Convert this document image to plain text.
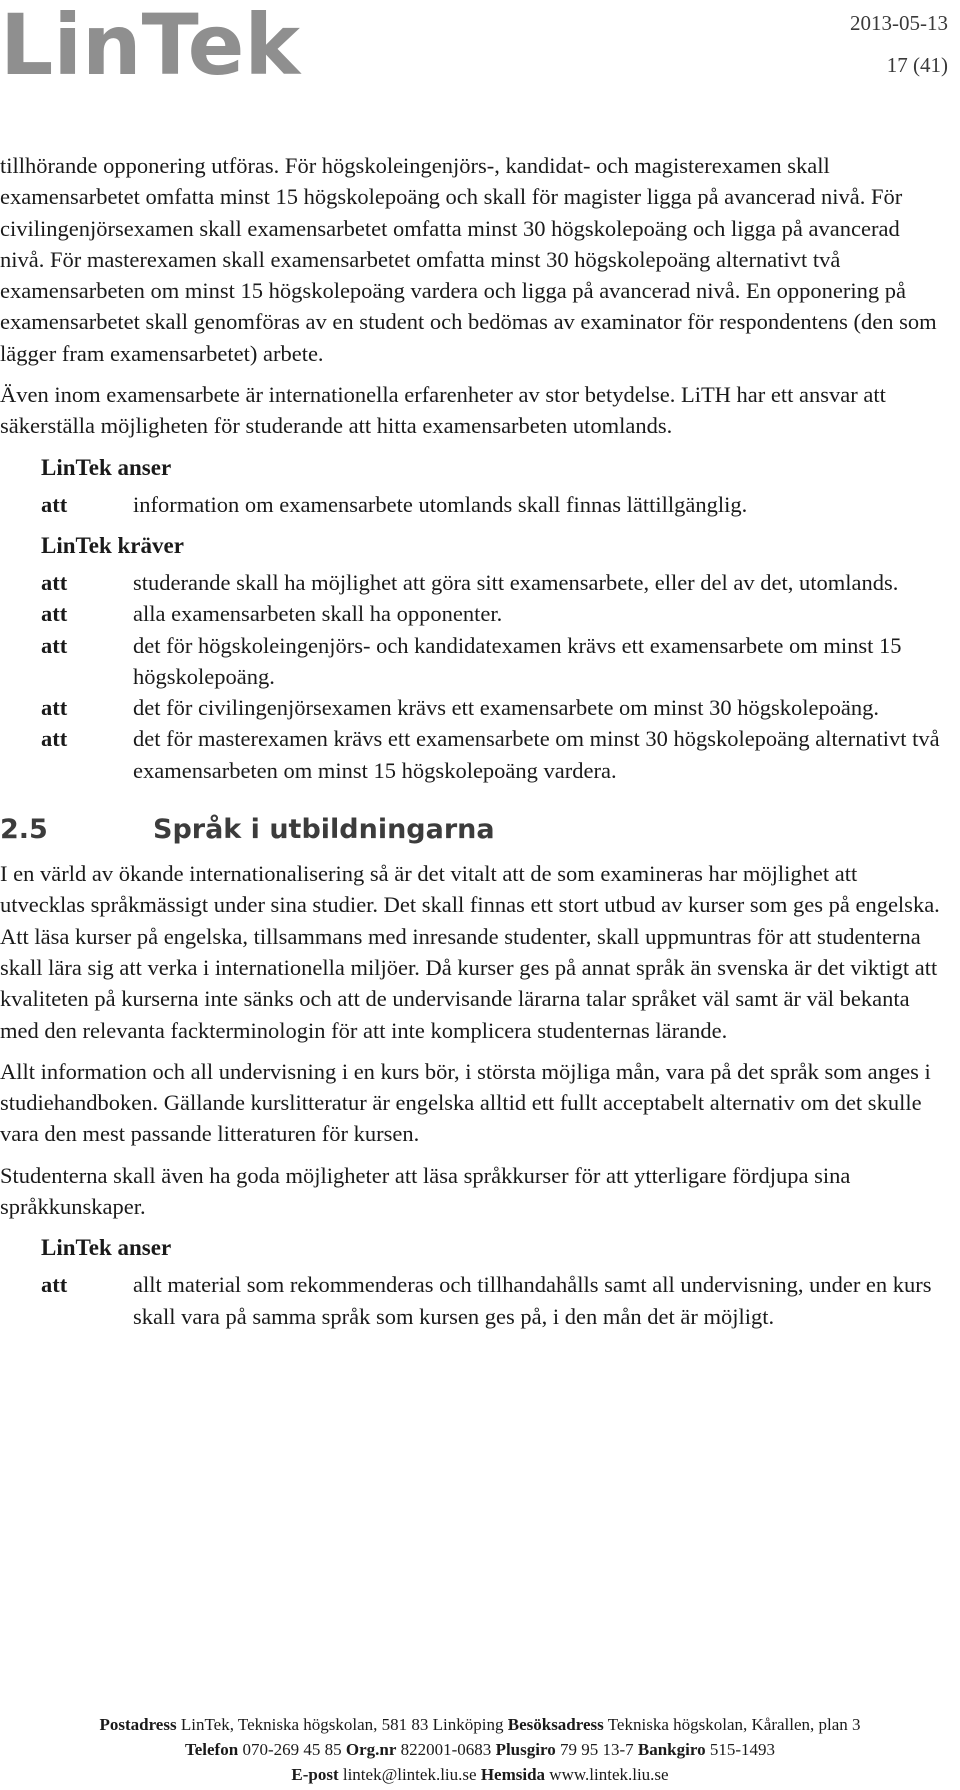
LinTek	2013-05-13
17 (41)

tillhörande opponering utföras. För högskoleingenjörs-, kandidat- och magisterexamen skall examensarbetet omfatta minst 15 högskolepoäng och skall för magister ligga på avancerad nivå. För civilingenjörsexamen skall examensarbetet omfatta minst 30 högskolepoäng och ligga på avancerad nivå. För masterexamen skall examensarbetet omfatta minst 30 högskolepoäng alternativt två examensarbeten om minst 15 högskolepoäng vardera och ligga på avancerad nivå. En opponering på examensarbetet skall genomföras av en student och bedömas av examinator för respondentens (den som lägger fram examensarbetet) arbete.

Även inom examensarbete är internationella erfarenheter av stor betydelse. LiTH har ett ansvar att säkerställa möjligheten för studerande att hitta examensarbeten utomlands.

LinTek anser
att	information om examensarbete utomlands skall finnas lättillgänglig.
LinTek kräver
att	studerande skall ha möjlighet att göra sitt examensarbete, eller del av det, utomlands.
att	alla examensarbeten skall ha opponenter.
att	det för högskoleingenjörs- och kandidatexamen krävs ett examensarbete om minst 15 högskolepoäng.
att	det för civilingenjörsexamen krävs ett examensarbete om minst 30 högskolepoäng.
att	det för masterexamen krävs ett examensarbete om minst 30 högskolepoäng alternativt två examensarbeten om minst 15 högskolepoäng vardera.
2.5	Språk i utbildningarna

I en värld av ökande internationalisering så är det vitalt att de som examineras har möjlighet att utvecklas språkmässigt under sina studier. Det skall finnas ett stort utbud av kurser som ges på engelska. Att läsa kurser på engelska, tillsammans med inresande studenter, skall uppmuntras för att studenterna skall lära sig att verka i internationella miljöer. Då kurser ges på annat språk än svenska är det viktigt att kvaliteten på kurserna inte sänks och att de undervisande lärarna talar språket väl samt är väl bekanta med den relevanta fackterminologin för att inte komplicera studenternas lärande.

Allt information och all undervisning i en kurs bör, i största möjliga mån, vara på det språk som anges i studiehandboken. Gällande kurslitteratur är engelska alltid ett fullt acceptabelt alternativ om det skulle vara den mest passande litteraturen för kursen.

Studenterna skall även ha goda möjligheter att läsa språkkurser för att ytterligare fördjupa sina språkkunskaper.

LinTek anser
att	allt material som rekommenderas och tillhandahålls samt all undervisning, under en kurs skall vara på samma språk som kursen ges på, i den mån det är möjligt.
Postadress LinTek, Tekniska högskolan, 581 83 Linköping Besöksadress Tekniska högskolan, Kårallen, plan 3
Telefon 070-269 45 85 Org.nr 822001-0683 Plusgiro 79 95 13-7 Bankgiro 515-1493
E-post lintek@lintek.liu.se Hemsida www.lintek.liu.se
